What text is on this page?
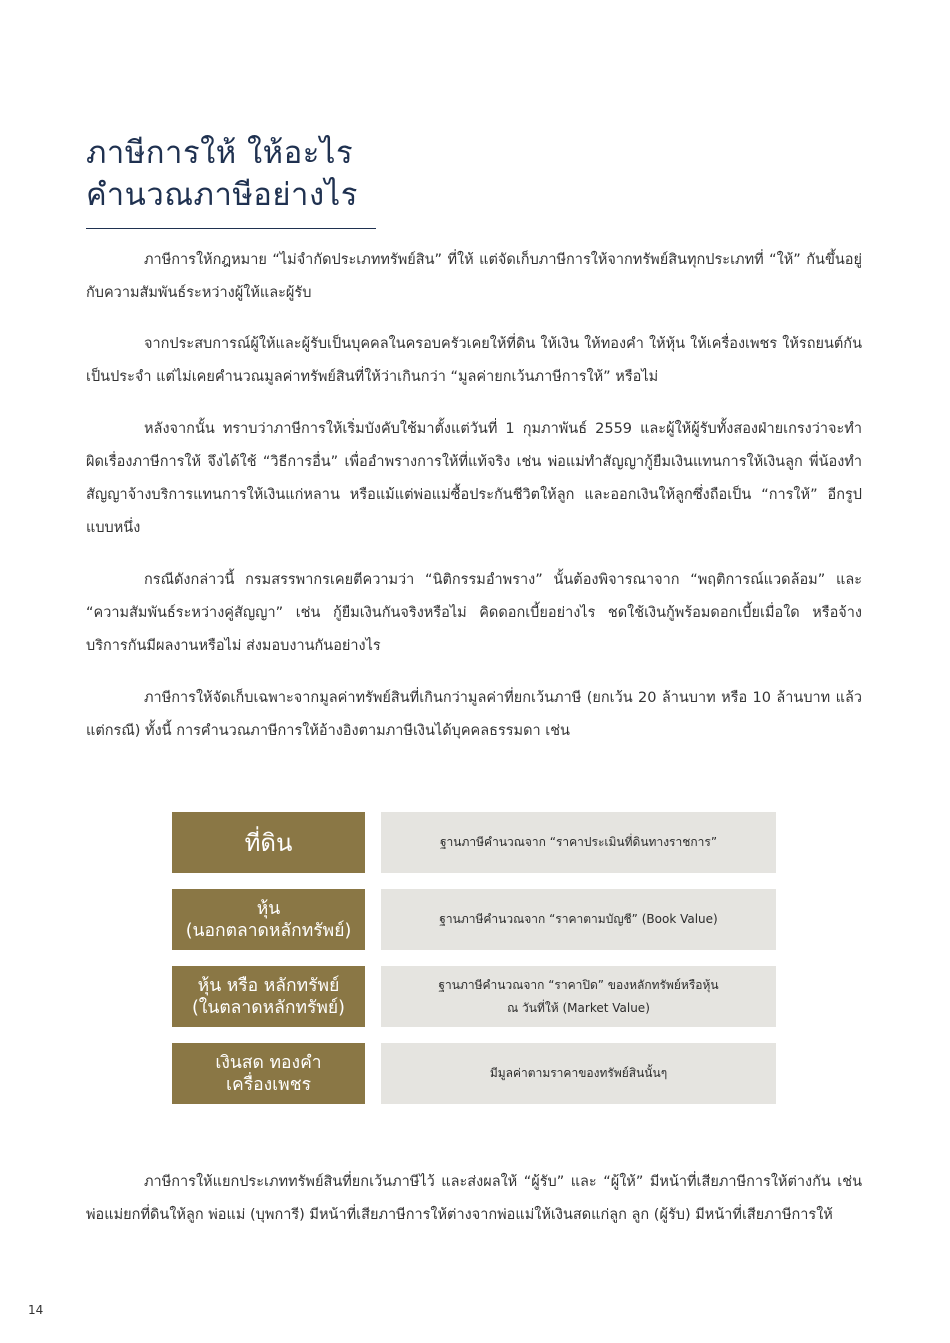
ภาษีการให้ ให้อะไร
คำนวณภาษีอย่างไร

ภาษีการให้กฎหมาย “ไม่จำกัดประเภททรัพย์สิน” ที่ให้ แต่จัดเก็บภาษีการให้จากทรัพย์สินทุกประเภทที่ “ให้” กันขึ้นอยู่กับความสัมพันธ์ระหว่างผู้ให้และผู้รับ

จากประสบการณ์ผู้ให้และผู้รับเป็นบุคคลในครอบครัวเคยให้ที่ดิน ให้เงิน ให้ทองคำ ให้หุ้น ให้เครื่องเพชร ให้รถยนต์กันเป็นประจำ แต่ไม่เคยคำนวณมูลค่าทรัพย์สินที่ให้ว่าเกินกว่า “มูลค่ายกเว้นภาษีการให้” หรือไม่

หลังจากนั้น ทราบว่าภาษีการให้เริ่มบังคับใช้มาตั้งแต่วันที่ 1 กุมภาพันธ์ 2559 และผู้ให้ผู้รับทั้งสองฝ่ายเกรงว่าจะทำผิดเรื่องภาษีการให้ จึงได้ใช้ “วิธีการอื่น” เพื่ออำพรางการให้ที่แท้จริง เช่น พ่อแม่ทำสัญญากู้ยืมเงินแทนการให้เงินลูก พี่น้องทำสัญญาจ้างบริการแทนการให้เงินแก่หลาน หรือแม้แต่พ่อแม่ซื้อประกันชีวิตให้ลูก และออกเงินให้ลูกซึ่งถือเป็น “การให้” อีกรูปแบบหนึ่ง

กรณีดังกล่าวนี้ กรมสรรพากรเคยตีความว่า “นิติกรรมอำพราง” นั้นต้องพิจารณาจาก “พฤติการณ์แวดล้อม” และ “ความสัมพันธ์ระหว่างคู่สัญญา” เช่น กู้ยืมเงินกันจริงหรือไม่ คิดดอกเบี้ยอย่างไร ชดใช้เงินกู้พร้อมดอกเบี้ยเมื่อใด หรือจ้างบริการกันมีผลงานหรือไม่ ส่งมอบงานกันอย่างไร

ภาษีการให้จัดเก็บเฉพาะจากมูลค่าทรัพย์สินที่เกินกว่ามูลค่าที่ยกเว้นภาษี (ยกเว้น 20 ล้านบาท หรือ 10 ล้านบาท แล้วแต่กรณี) ทั้งนี้ การคำนวณภาษีการให้อ้างอิงตามภาษีเงินได้บุคคลธรรมดา เช่น

ที่ดิน	ฐานภาษีคำนวณจาก “ราคาประเมินที่ดินทางราชการ”
หุ้น
(นอกตลาดหลักทรัพย์)
ฐานภาษีคำนวณจาก “ราคาตามบัญชี” (Book Value)
หุ้น หรือ หลักทรัพย์
(ในตลาดหลักทรัพย์)
ฐานภาษีคำนวณจาก “ราคาปิด” ของหลักทรัพย์หรือหุ้น
ณ วันที่ให้ (Market Value)
เงินสด ทองคำ
เครื่องเพชร
มีมูลค่าตามราคาของทรัพย์สินนั้นๆ

ภาษีการให้แยกประเภททรัพย์สินที่ยกเว้นภาษีไว้ และส่งผลให้ “ผู้รับ” และ “ผู้ให้” มีหน้าที่เสียภาษีการให้ต่างกัน เช่น พ่อแม่ยกที่ดินให้ลูก พ่อแม่ (บุพการี) มีหน้าที่เสียภาษีการให้ต่างจากพ่อแม่ให้เงินสดแก่ลูก ลูก (ผู้รับ) มีหน้าที่เสียภาษีการให้

14
